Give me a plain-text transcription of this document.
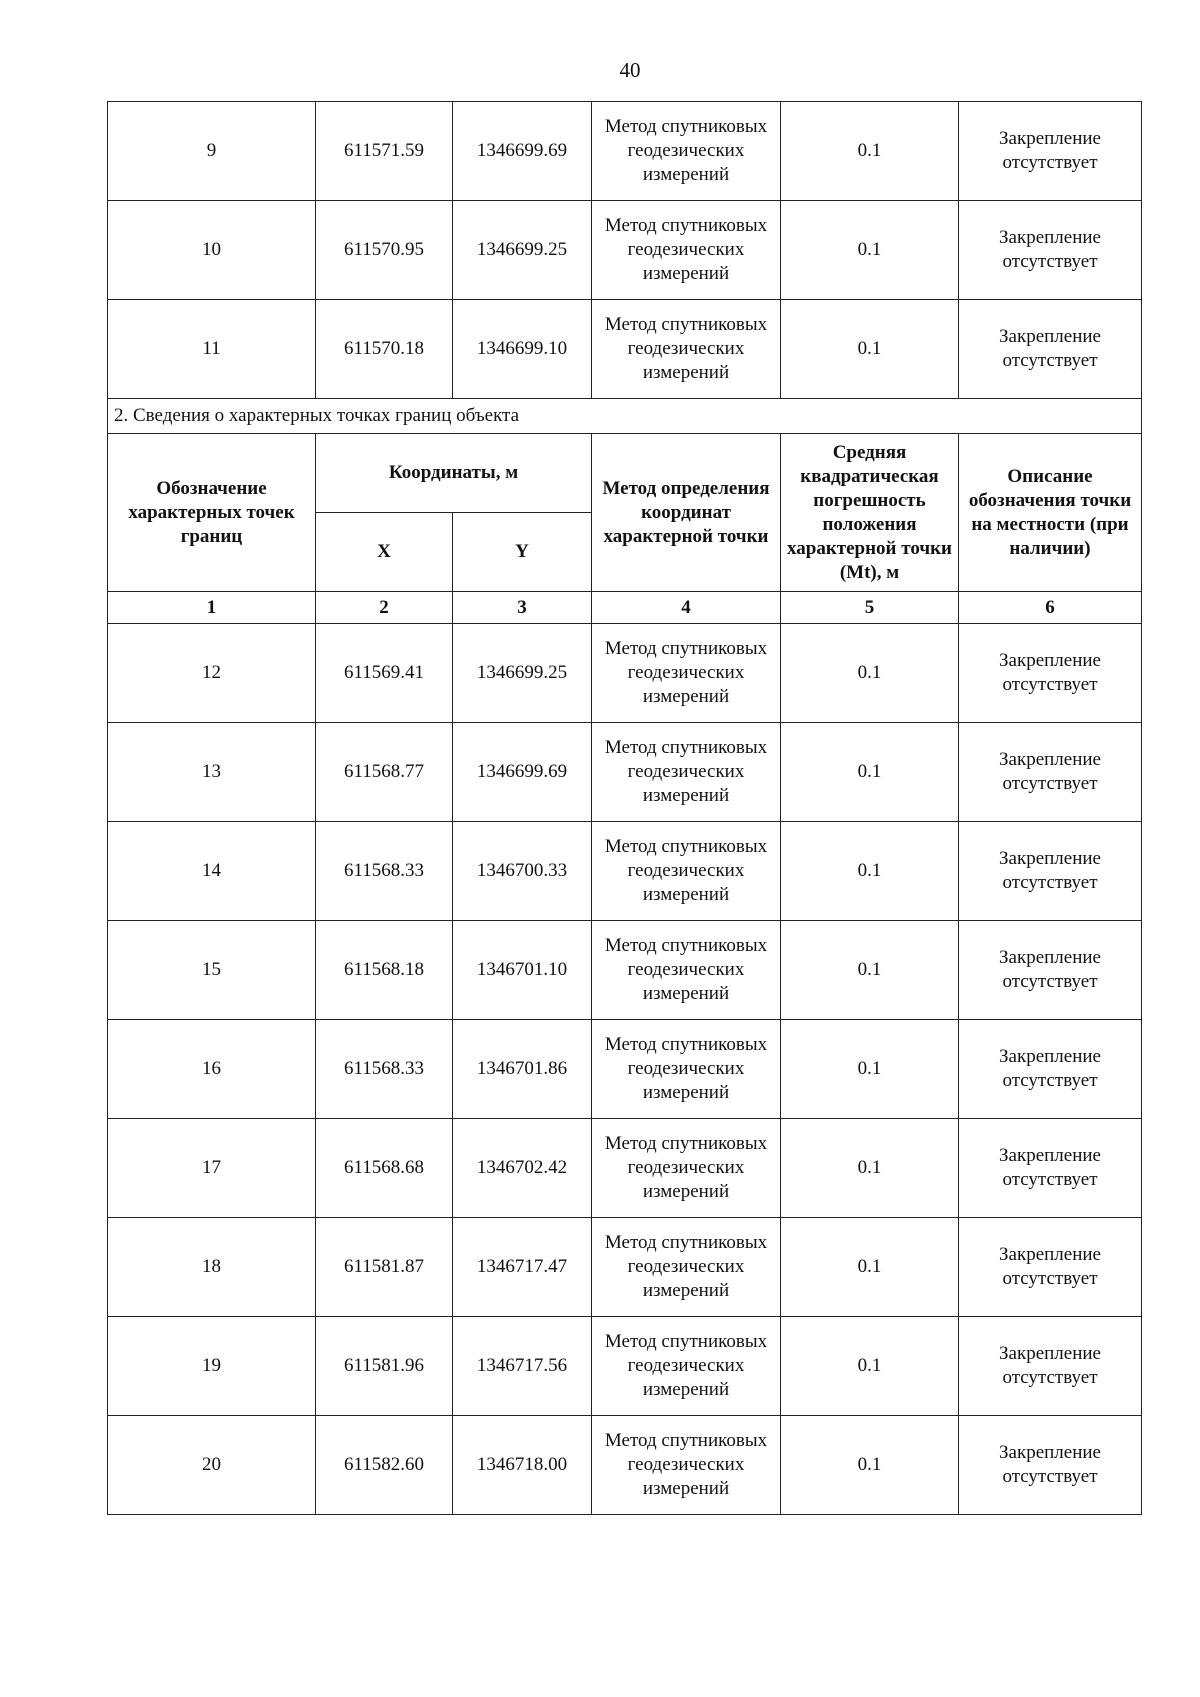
40
9	611571.59	1346699.69	Метод спутниковых геодезических измерений	0.1	Закрепление отсутствует
10	611570.95	1346699.25	Метод спутниковых геодезических измерений	0.1	Закрепление отсутствует
11	611570.18	1346699.10	Метод спутниковых геодезических измерений	0.1	Закрепление отсутствует
2. Сведения о характерных точках границ объекта					
Обозначение характерных точек границ	Координаты, м		Метод определения координат характерной точки	Средняя квадратическая погрешность положения характерной точки (Mt), м	Описание обозначения точки на местности (при наличии)
	X	Y			
1	2	3	4	5	6
12	611569.41	1346699.25	Метод спутниковых геодезических измерений	0.1	Закрепление отсутствует
13	611568.77	1346699.69	Метод спутниковых геодезических измерений	0.1	Закрепление отсутствует
14	611568.33	1346700.33	Метод спутниковых геодезических измерений	0.1	Закрепление отсутствует
15	611568.18	1346701.10	Метод спутниковых геодезических измерений	0.1	Закрепление отсутствует
16	611568.33	1346701.86	Метод спутниковых геодезических измерений	0.1	Закрепление отсутствует
17	611568.68	1346702.42	Метод спутниковых геодезических измерений	0.1	Закрепление отсутствует
18	611581.87	1346717.47	Метод спутниковых геодезических измерений	0.1	Закрепление отсутствует
19	611581.96	1346717.56	Метод спутниковых геодезических измерений	0.1	Закрепление отсутствует
20	611582.60	1346718.00	Метод спутниковых геодезических измерений	0.1	Закрепление отсутствует
